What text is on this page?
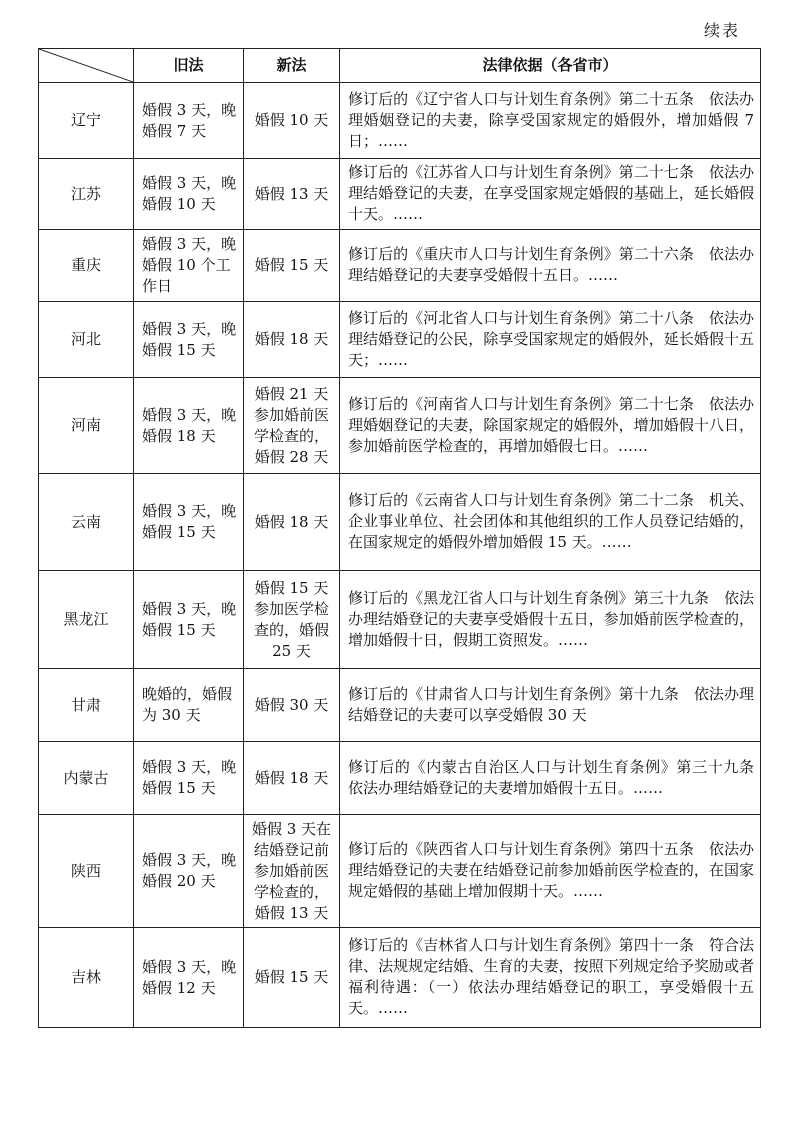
续表
	旧法	新法	法律依据（各省市）
辽宁	婚假 3 天，晚婚假 7 天	婚假 10 天	修订后的《辽宁省人口与计划生育条例》第二十五条　依法办理婚姻登记的夫妻，除享受国家规定的婚假外，增加婚假 7 日；……

江苏	婚假 3 天，晚婚假 10 天	婚假 13 天	修订后的《江苏省人口与计划生育条例》第二十七条　依法办理结婚登记的夫妻，在享受国家规定婚假的基础上，延长婚假十天。……

重庆	婚假 3 天，晚婚假 10 个工作日	婚假 15 天	修订后的《重庆市人口与计划生育条例》第二十六条　依法办理结婚登记的夫妻享受婚假十五日。……

河北	婚假 3 天，晚婚假 15 天	婚假 18 天	修订后的《河北省人口与计划生育条例》第二十八条　依法办理结婚登记的公民，除享受国家规定的婚假外，延长婚假十五天；……

河南	婚假 3 天，晚婚假 18 天	婚假 21 天参加婚前医学检查的，婚假 28 天	修订后的《河南省人口与计划生育条例》第二十七条　依法办理婚姻登记的夫妻，除国家规定的婚假外，增加婚假十八日，参加婚前医学检查的，再增加婚假七日。……

云南	婚假 3 天，晚婚假 15 天	婚假 18 天	修订后的《云南省人口与计划生育条例》第二十二条　机关、企业事业单位、社会团体和其他组织的工作人员登记结婚的，在国家规定的婚假外增加婚假 15 天。……

黑龙江	婚假 3 天，晚婚假 15 天	婚假 15 天参加医学检查的，婚假 25 天	修订后的《黑龙江省人口与计划生育条例》第三十九条　依法办理结婚登记的夫妻享受婚假十五日，参加婚前医学检查的，增加婚假十日，假期工资照发。……

甘肃	晚婚的，婚假为 30 天	婚假 30 天	修订后的《甘肃省人口与计划生育条例》第十九条　依法办理结婚登记的夫妻可以享受婚假 30 天

内蒙古	婚假 3 天，晚婚假 15 天	婚假 18 天	修订后的《内蒙古自治区人口与计划生育条例》第三十九条　依法办理结婚登记的夫妻增加婚假十五日。……

陕西	婚假 3 天，晚婚假 20 天	婚假 3 天在结婚登记前参加婚前医学检查的，婚假 13 天	修订后的《陕西省人口与计划生育条例》第四十五条　依法办理结婚登记的夫妻在结婚登记前参加婚前医学检查的，在国家规定婚假的基础上增加假期十天。……

吉林	婚假 3 天，晚婚假 12 天	婚假 15 天	修订后的《吉林省人口与计划生育条例》第四十一条　符合法律、法规规定结婚、生育的夫妻，按照下列规定给予奖励或者福利待遇：（一）依法办理结婚登记的职工，享受婚假十五天。……
